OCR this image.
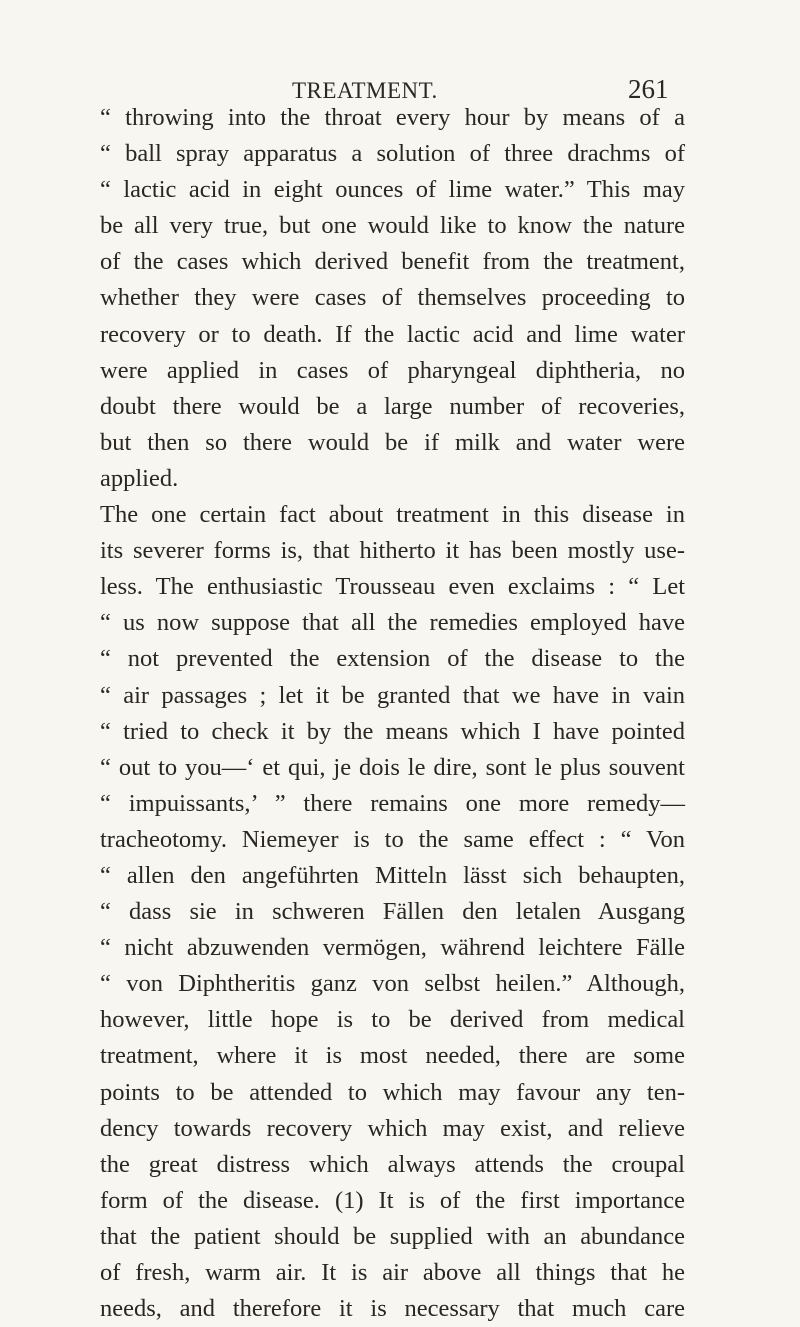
TREATMENT.	261
“ throwing into the throat every hour by means of a
“ ball spray apparatus a solution of three drachms of
“ lactic acid in eight ounces of lime water.” This may
be all very true, but one would like to know the nature
of the cases which derived benefit from the treatment,
whether they were cases of themselves proceeding to
recovery or to death. If the lactic acid and lime water
were applied in cases of pharyngeal diphtheria, no
doubt there would be a large number of recoveries,
but then so there would be if milk and water were
applied.
The one certain fact about treatment in this disease in
its severer forms is, that hitherto it has been mostly use-
less. The enthusiastic Trousseau even exclaims : “ Let
“ us now suppose that all the remedies employed have
“ not prevented the extension of the disease to the
“ air passages ; let it be granted that we have in vain
“ tried to check it by the means which I have pointed
“ out to you—‘ et qui, je dois le dire, sont le plus souvent
“ impuissants,’ ” there remains one more remedy—
tracheotomy. Niemeyer is to the same effect : “ Von
“ allen den angeführten Mitteln lässt sich behaupten,
“ dass sie in schweren Fällen den letalen Ausgang
“ nicht abzuwenden vermögen, während leichtere Fälle
“ von Diphtheritis ganz von selbst heilen.” Although,
however, little hope is to be derived from medical
treatment, where it is most needed, there are some
points to be attended to which may favour any ten-
dency towards recovery which may exist, and relieve
the great distress which always attends the croupal
form of the disease. (1) It is of the first importance
that the patient should be supplied with an abundance
of fresh, warm air. It is air above all things that he
needs, and therefore it is necessary that much care
